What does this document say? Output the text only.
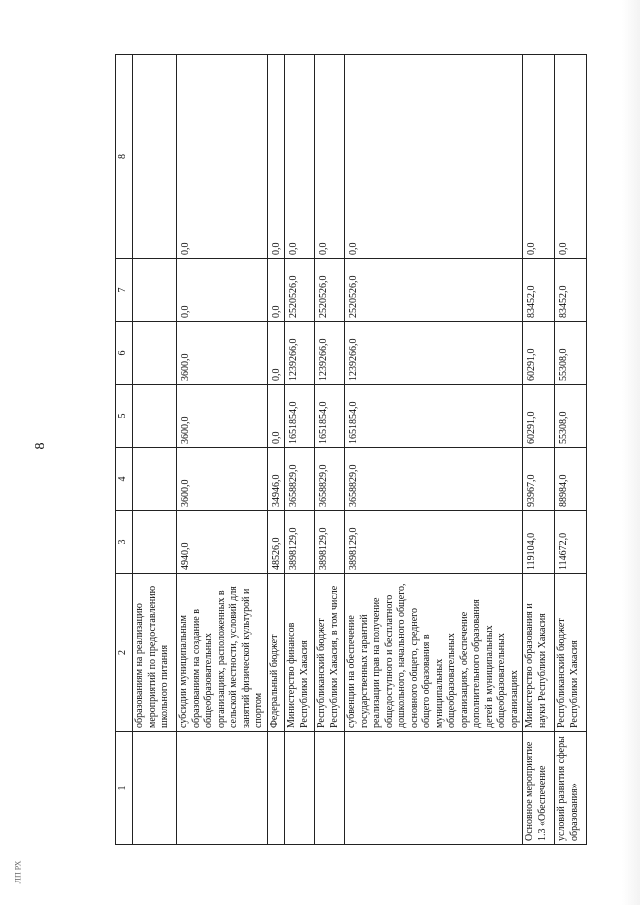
8
ЛП РХ
1	2	3	4	5	6	7	8
	образованиям на реализацию мероприятий по предоставлению школьного питания						
	субсидии муниципальным образованиям на создание в общеобразовательных организациях, расположенных в сельской местности, условий для занятий физической культурой и спортом	4940,0	3600,0	3600,0	3600,0	0,0	0,0
	Федеральный бюджет	48526,0	34946,0	0,0	0,0	0,0	0,0
	Министерство финансов Республики Хакасия	3898129,0	3658829,0	1651854,0	1239266,0	2520526,0	0,0
	Республиканский бюджет Республики Хакасия, в том числе	3898129,0	3658829,0	1651854,0	1239266,0	2520526,0	0,0
	субвенции на обеспечение государственных гарантий реализации прав на получение общедоступного и бесплатного дошкольного, начального общего, основного общего, среднего общего образования в муниципальных общеобразовательных организациях, обеспечение дополнительного образования детей в муниципальных общеобразовательных организациях	3898129,0	3658829,0	1651854,0	1239266,0	2520526,0	0,0
Основное мероприятие 1.3 «Обеспечение	Министерство образования и науки Республики Хакасия	119104,0	93967,0	60291,0	60291,0	83452,0	0,0
условий развития сферы образования»	Республиканский бюджет Республики Хакасия	114672,0	88984,0	55308,0	55308,0	83452,0	0,0
